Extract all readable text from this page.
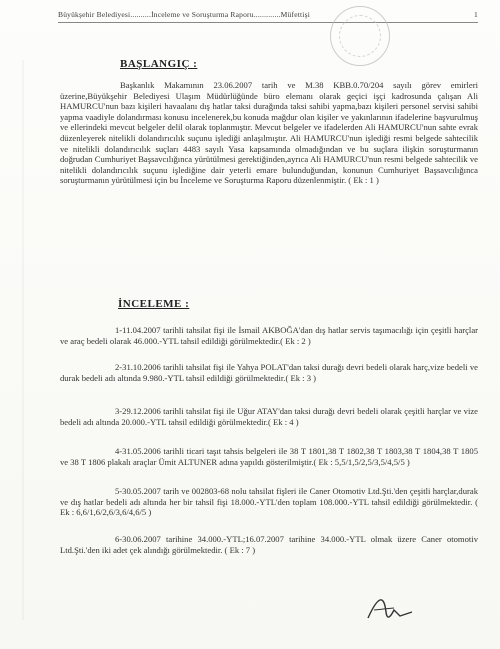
Büyükşehir Belediyesi..........İnceleme ve Soruşturma Raporu.............Müfettişi	1
BAŞLANGIÇ :
Başkanlık Makamının 23.06.2007 tarih ve M.38 KBB.0.70/204 sayılı görev emirleri üzerine,Büyükşehir Belediyesi Ulaşım Müdürlüğünde büro elemanı olarak geçici işçi kadrosunda çalışan Ali HAMURCU'nun bazı kişileri havaalanı dış hatlar taksi durağında taksi sahibi yapma,bazı kişileri personel servisi sahibi yapma vaadiyle dolandırması konusu incelenerek,bu konuda mağdur olan kişiler ve yakınlarının ifadelerine başvurulmuş ve ellerindeki mevcut belgeler delil olarak toplanmıştır. Mevcut belgeler ve ifadelerden Ali HAMURCU'nun sahte evrak düzenleyerek nitelikli dolandırıcılık suçunu işlediği anlaşılmıştır. Ali HAMURCU'nun işlediği resmi belgede sahtecilik ve nitelikli dolandırıcılık suçları 4483 sayılı Yasa kapsamında olmadığından ve bu suçlara ilişkin soruşturmanın doğrudan Cumhuriyet Başsavcılığınca yürütülmesi gerektiğinden,ayrıca Ali HAMURCU'nun resmi belgede sahtecilik ve nitelikli dolandırıcılık suçunu işlediğine dair yeterli emare bulunduğundan, konunun Cumhuriyet Başsavcılığınca soruşturmanın yürütülmesi için bu İnceleme ve Soruşturma Raporu düzenlenmiştir. ( Ek : 1 )
İNCELEME :
1-11.04.2007 tarihli tahsilat fişi ile İsmail AKBOĞA'dan dış hatlar servis taşımacılığı için çeşitli harçlar ve araç bedeli olarak 46.000.-YTL tahsil edildiği görülmektedir.( Ek : 2 )
2-31.10.2006 tarihli tahsilat fişi ile Yahya POLAT'dan taksi durağı devri bedeli olarak harç,vize bedeli ve durak bedeli adı altında 9.980.-YTL tahsil edildiği görülmektedir.( Ek : 3 )
3-29.12.2006 tarihli tahsilat fişi ile Uğur ATAY'dan taksi durağı devri bedeli olarak çeşitli harçlar ve vize bedeli adı altında 20.000.-YTL tahsil edildiği görülmektedir.( Ek : 4 )
4-31.05.2006 tarihli ticari taşıt tahsis belgeleri ile 38 T 1801,38 T 1802,38 T 1803,38 T 1804,38 T 1805 ve 38 T 1806 plakalı araçlar Ümit ALTUNER adına yapıldı gösterilmiştir.( Ek : 5,5/1,5/2,5/3,5/4,5/5 )
5-30.05.2007 tarih ve 002803-68 nolu tahsilat fişleri ile Caner Otomotiv Ltd.Şti.'den çeşitli harçlar,durak ve dış hatlar bedeli adı altında her bir tahsil fişi 18.000.-YTL'den toplam 108.000.-YTL tahsil edildiği görülmektedir. ( Ek : 6,6/1,6/2,6/3,6/4,6/5 )
6-30.06.2007 tarihine 34.000.-YTL;16.07.2007 tarihine 34.000.-YTL olmak üzere Caner otomotiv Ltd.Şti.'den iki adet çek alındığı görülmektedir. ( Ek : 7 )
